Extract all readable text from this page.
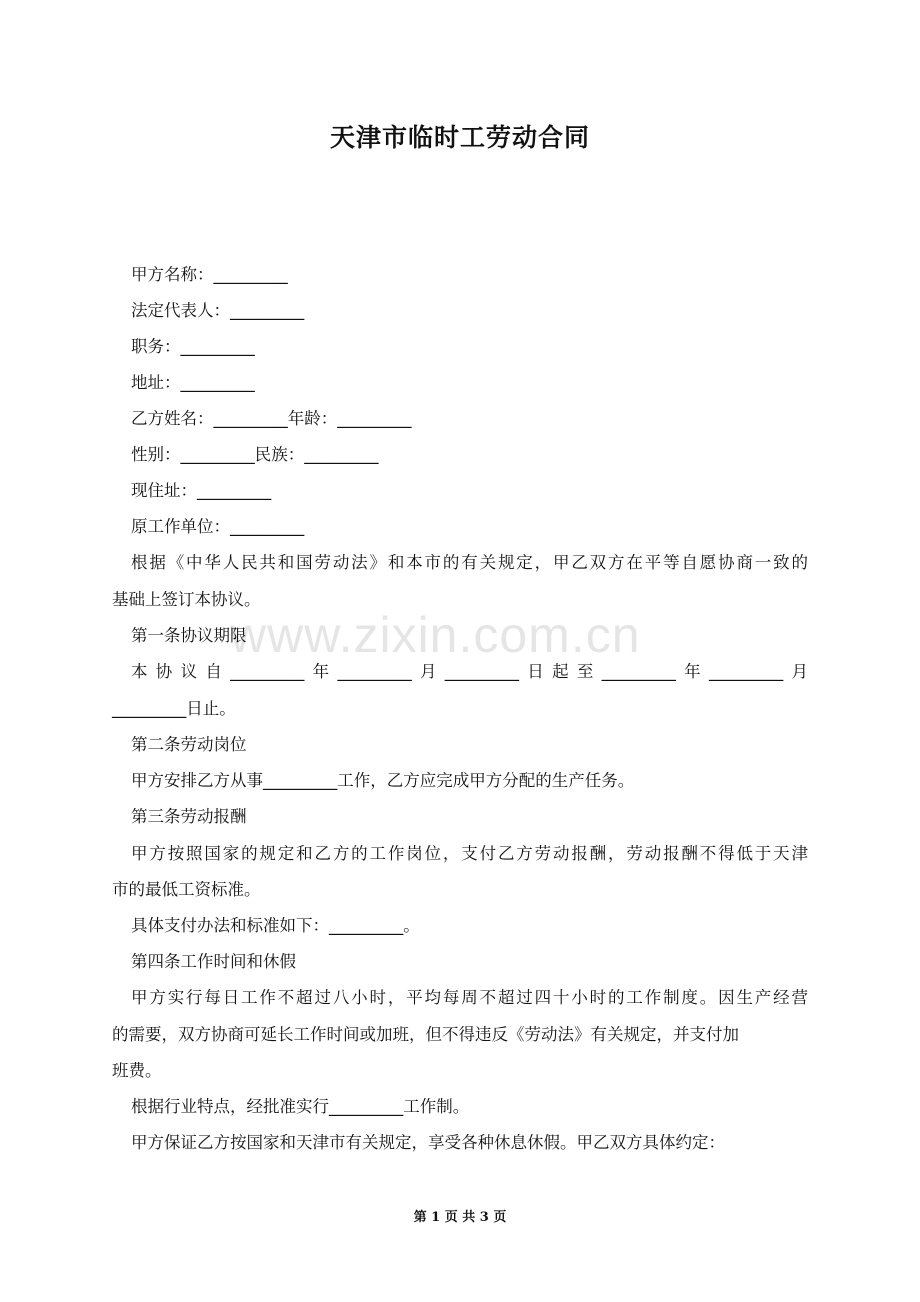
天津市临时工劳动合同
www.zixin.com.cn
甲方名称：_________
法定代表人：_________
职务：_________
地址：_________
乙方姓名：_________年龄：_________
性别：_________民族：_________
现住址：_________
原工作单位：_________
根据《中华人民共和国劳动法》和本市的有关规定，甲乙双方在平等自愿协商一致的
基础上签订本协议。
第一条协议期限
本协议自_________年_________月_________日起至_________年_________月
_________日止。
第二条劳动岗位
甲方安排乙方从事_________工作，乙方应完成甲方分配的生产任务。
第三条劳动报酬
甲方按照国家的规定和乙方的工作岗位，支付乙方劳动报酬，劳动报酬不得低于天津
市的最低工资标准。
具体支付办法和标准如下：_________。
第四条工作时间和休假
甲方实行每日工作不超过八小时，平均每周不超过四十小时的工作制度。因生产经营
的需要，双方协商可延长工作时间或加班，但不得违反《劳动法》有关规定，并支付加
班费。
根据行业特点，经批准实行_________工作制。
甲方保证乙方按国家和天津市有关规定，享受各种休息休假。甲乙双方具体约定：
第 1 页 共 3 页
